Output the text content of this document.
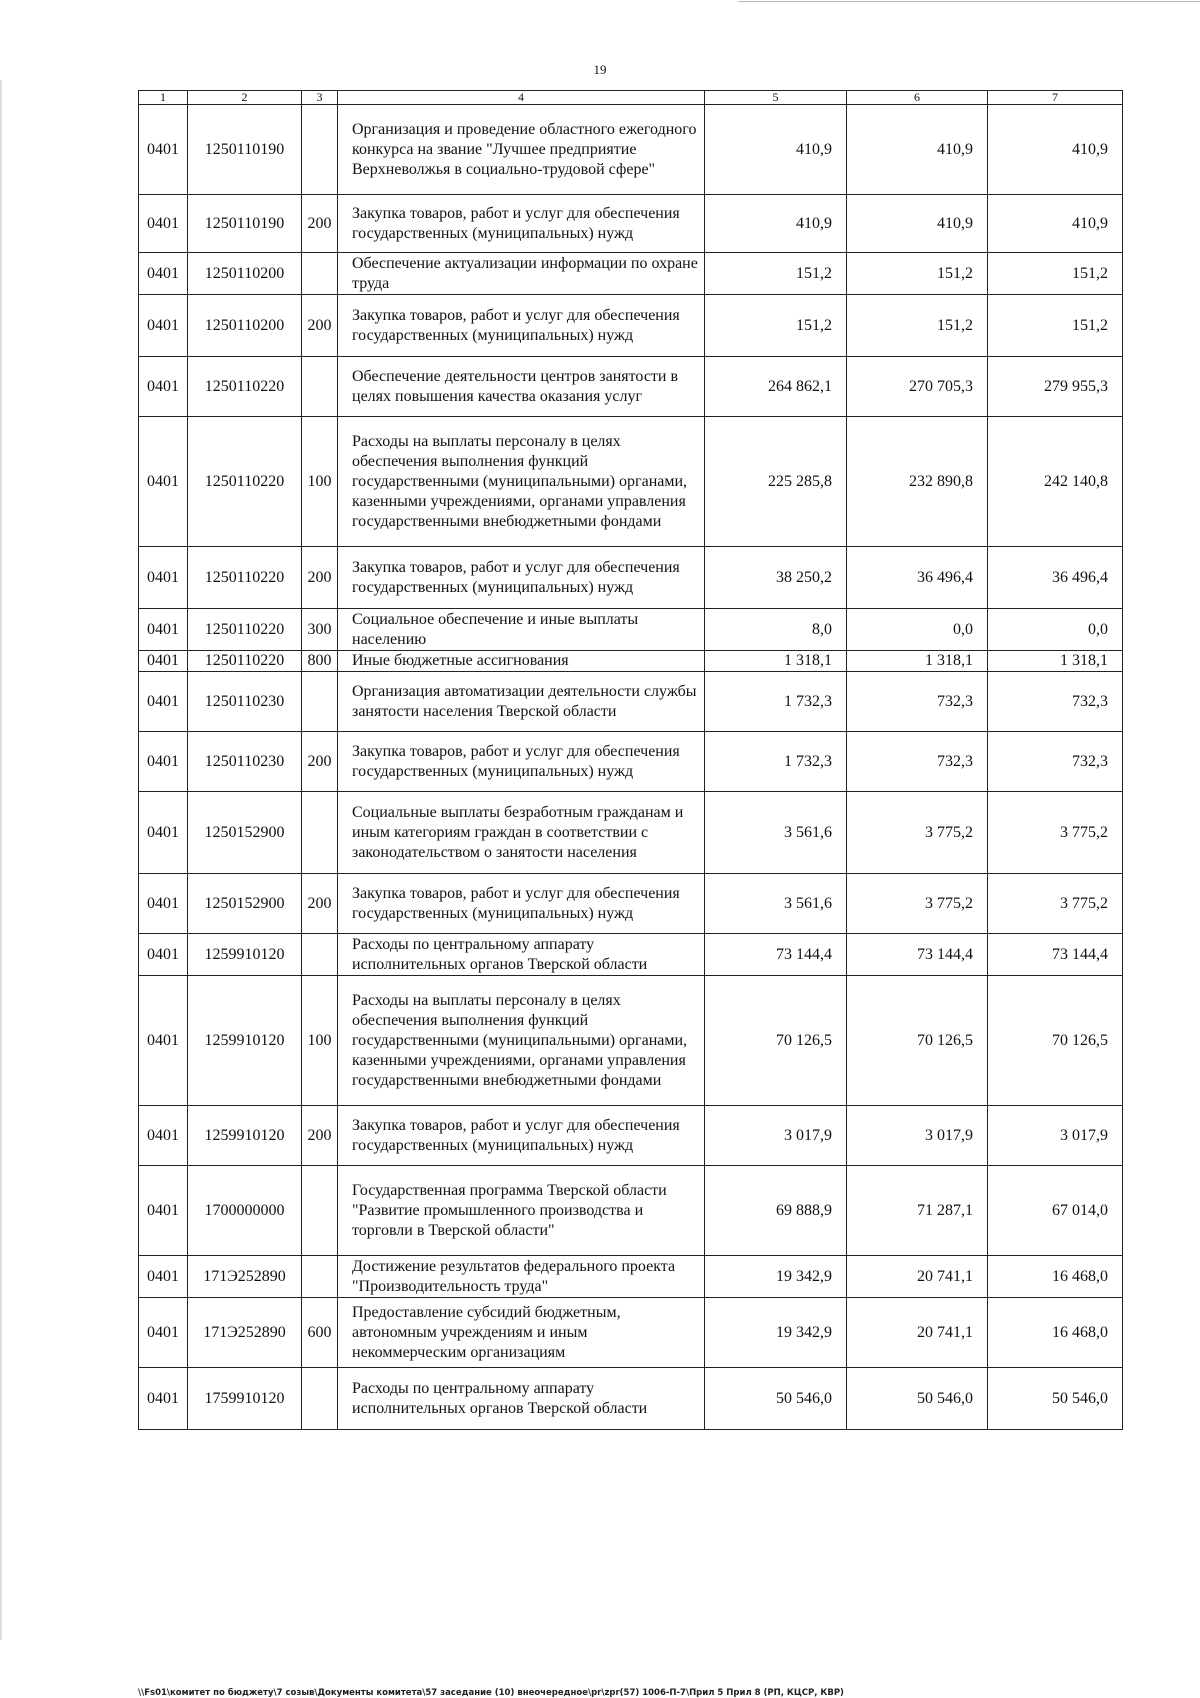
19
1	2	3	4	5	6	7
0401	1250110190		Организация и проведение областного ежегодного конкурса на звание "Лучшее предприятие Верхневолжья в социально-трудовой сфере"	410,9	410,9	410,9
0401	1250110190	200	Закупка товаров, работ и услуг для обеспечения государственных (муниципальных) нужд	410,9	410,9	410,9
0401	1250110200		Обеспечение актуализации информации по охране труда	151,2	151,2	151,2
0401	1250110200	200	Закупка товаров, работ и услуг для обеспечения государственных (муниципальных) нужд	151,2	151,2	151,2
0401	1250110220		Обеспечение деятельности центров занятости в целях повышения качества оказания услуг	264 862,1	270 705,3	279 955,3
0401	1250110220	100	Расходы на выплаты персоналу в целях обеспечения выполнения функций государственными (муниципальными) органами, казенными учреждениями, органами управления государственными внебюджетными фондами	225 285,8	232 890,8	242 140,8
0401	1250110220	200	Закупка товаров, работ и услуг для обеспечения государственных (муниципальных) нужд	38 250,2	36 496,4	36 496,4
0401	1250110220	300	Социальное обеспечение и иные выплаты населению	8,0	0,0	0,0
0401	1250110220	800	Иные бюджетные ассигнования	1 318,1	1 318,1	1 318,1
0401	1250110230		Организация автоматизации деятельности службы занятости населения Тверской области	1 732,3	732,3	732,3
0401	1250110230	200	Закупка товаров, работ и услуг для обеспечения государственных (муниципальных) нужд	1 732,3	732,3	732,3
0401	1250152900		Социальные выплаты безработным гражданам и иным категориям граждан в соответствии с законодательством о занятости населения	3 561,6	3 775,2	3 775,2
0401	1250152900	200	Закупка товаров, работ и услуг для обеспечения государственных (муниципальных) нужд	3 561,6	3 775,2	3 775,2
0401	1259910120		Расходы по центральному аппарату исполнительных органов Тверской области	73 144,4	73 144,4	73 144,4
0401	1259910120	100	Расходы на выплаты персоналу в целях обеспечения выполнения функций государственными (муниципальными) органами, казенными учреждениями, органами управления государственными внебюджетными фондами	70 126,5	70 126,5	70 126,5
0401	1259910120	200	Закупка товаров, работ и услуг для обеспечения государственных (муниципальных) нужд	3 017,9	3 017,9	3 017,9
0401	1700000000		Государственная программа Тверской области "Развитие промышленного производства и торговли в Тверской области"	69 888,9	71 287,1	67 014,0
0401	171Э252890		Достижение результатов федерального проекта "Производительность труда"	19 342,9	20 741,1	16 468,0
0401	171Э252890	600	Предоставление субсидий бюджетным, автономным учреждениям и иным некоммерческим организациям	19 342,9	20 741,1	16 468,0
0401	1759910120		Расходы по центральному аппарату исполнительных органов Тверской области	50 546,0	50 546,0	50 546,0
\\Fs01\комитет по бюджету\7 созыв\Документы комитета\57 заседание (10) внеочередное\pr\zpr(57) 1006-П-7\Прил 5 Прил 8 (РП, КЦСР, КВР)
